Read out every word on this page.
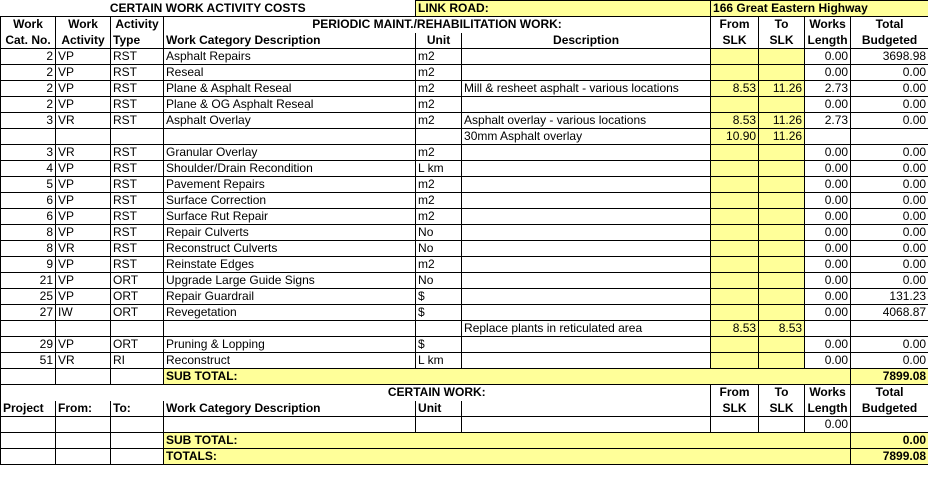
CERTAIN WORK ACTIVITY COSTS				LINK ROAD:		166 Great Eastern Highway			
Work	Work	Activity	PERIODIC MAINT./REHABILITATION WORK:			From	To	Works	Total
Cat. No.	Activity	Type	Work Category Description	Unit	Description	SLK	SLK	Length	Budgeted
2	VP	RST	Asphalt Repairs	m2				0.00	3698.98
2	VP	RST	Reseal	m2				0.00	0.00
2	VP	RST	Plane & Asphalt Reseal	m2	Mill & resheet asphalt - various locations	8.53	11.26	2.73	0.00
2	VP	RST	Plane & OG Asphalt Reseal	m2				0.00	0.00
3	VR	RST	Asphalt Overlay	m2	Asphalt overlay - various locations	8.53	11.26	2.73	0.00
					30mm Asphalt overlay	10.90	11.26		
3	VR	RST	Granular Overlay	m2				0.00	0.00
4	VP	RST	Shoulder/Drain Recondition	L km				0.00	0.00
5	VP	RST	Pavement Repairs	m2				0.00	0.00
6	VP	RST	Surface Correction	m2				0.00	0.00
6	VP	RST	Surface Rut Repair	m2				0.00	0.00
8	VP	RST	Repair Culverts	No				0.00	0.00
8	VR	RST	Reconstruct Culverts	No				0.00	0.00
9	VP	RST	Reinstate Edges	m2				0.00	0.00
21	VP	ORT	Upgrade Large Guide Signs	No				0.00	0.00
25	VP	ORT	Repair Guardrail	$				0.00	131.23
27	IW	ORT	Revegetation	$				0.00	4068.87
					Replace plants in reticulated area	8.53	8.53		
29	VP	ORT	Pruning & Lopping	$				0.00	0.00
51	VR	RI	Reconstruct	L km				0.00	0.00
			SUB TOTAL:						7899.08
			CERTAIN WORK:			From	To	Works	Total
Project	From:	To:	Work Category Description	Unit		SLK	SLK	Length	Budgeted
								0.00	
			SUB TOTAL:						0.00
			TOTALS:						7899.08
